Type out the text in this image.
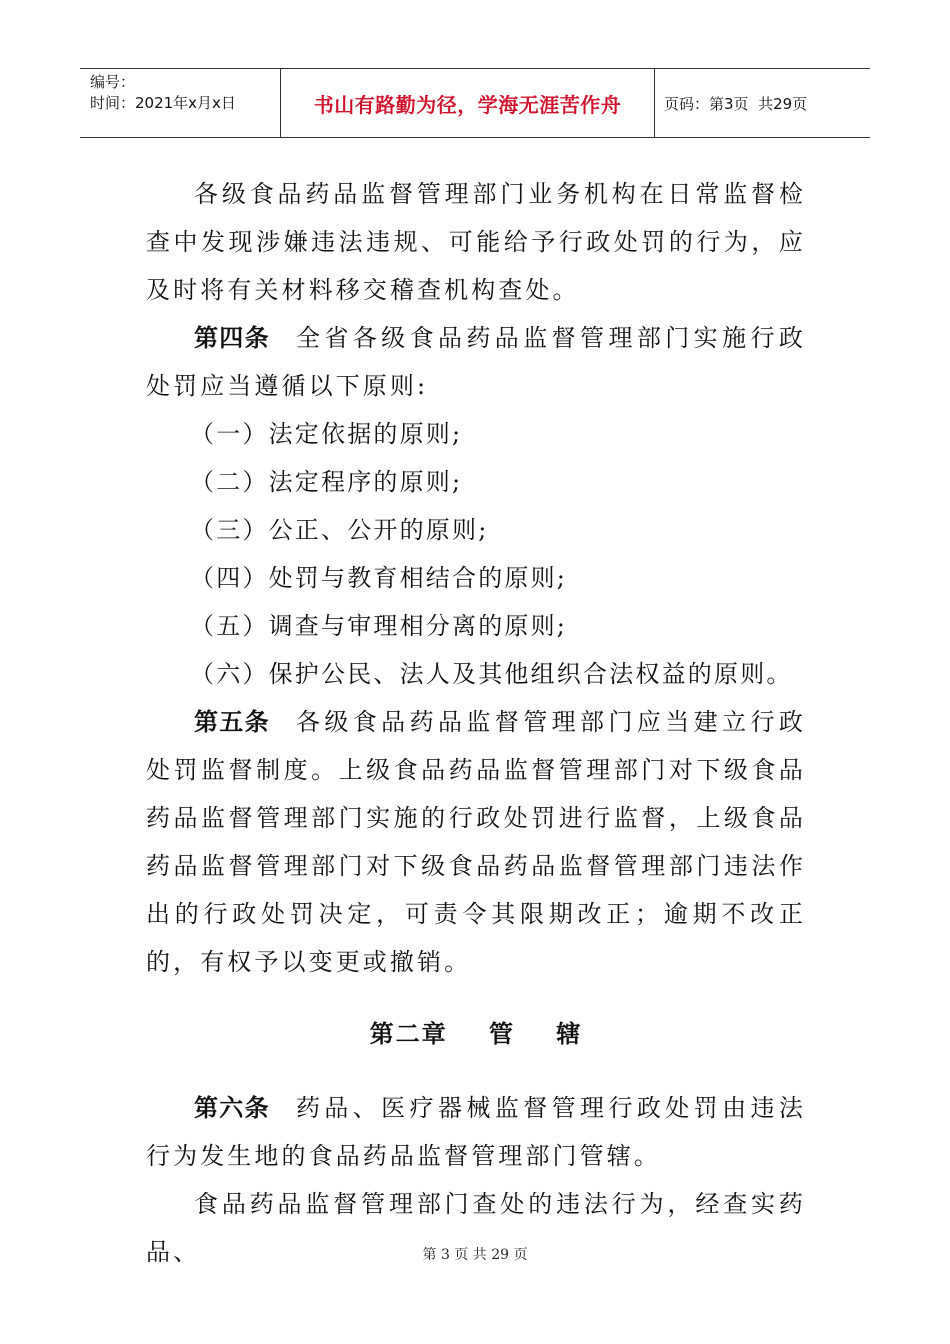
编号：
时间：2021年x月x日	书山有路勤为径，学海无涯苦作舟	页码：第3页  共29页

各级食品药品监督管理部门业务机构在日常监督检查中发现涉嫌违法违规、可能给予行政处罚的行为，应及时将有关材料移交稽查机构查处。

第四条 全省各级食品药品监督管理部门实施行政处罚应当遵循以下原则:

（一）法定依据的原则;

（二）法定程序的原则;

（三）公正、公开的原则;

（四）处罚与教育相结合的原则;

（五）调查与审理相分离的原则;

（六）保护公民、法人及其他组织合法权益的原则。

第五条 各级食品药品监督管理部门应当建立行政处罚监督制度。上级食品药品监督管理部门对下级食品药品监督管理部门实施的行政处罚进行监督，上级食品药品监督管理部门对下级食品药品监督管理部门违法作出的行政处罚决定，可责令其限期改正；逾期不改正的，有权予以变更或撤销。

第二章    管    辖

第六条 药品、医疗器械监督管理行政处罚由违法行为发生地的食品药品监督管理部门管辖。

食品药品监督管理部门查处的违法行为，经查实药品、	第 3 页 共 29 页
